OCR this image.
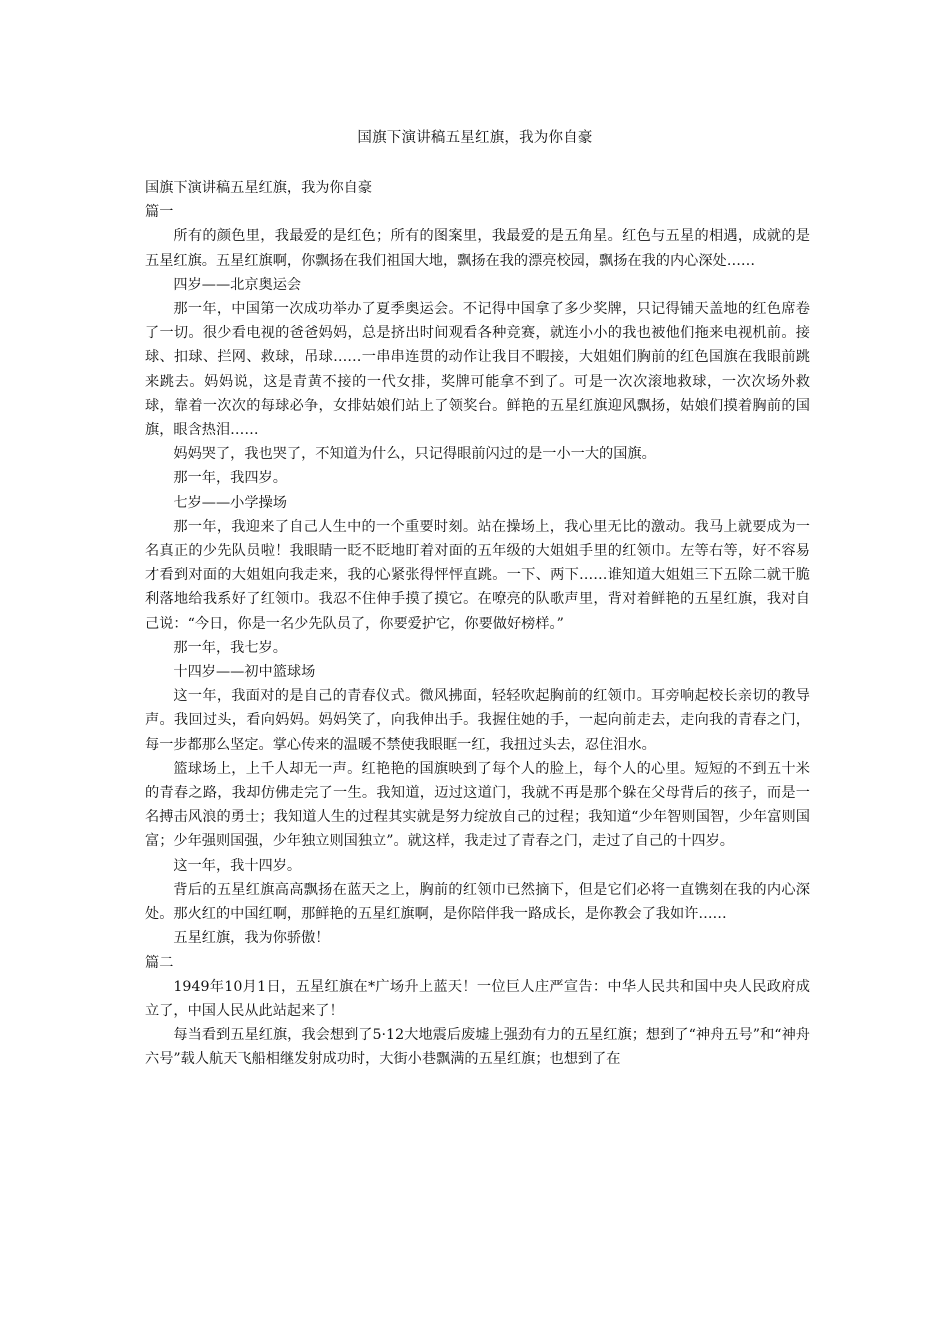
国旗下演讲稿五星红旗，我为你自豪

国旗下演讲稿五星红旗，我为你自豪

篇一

所有的颜色里，我最爱的是红色；所有的图案里，我最爱的是五角星。红色与五星的相遇，成就的是五星红旗。五星红旗啊，你飘扬在我们祖国大地，飘扬在我的漂亮校园，飘扬在我的内心深处……

四岁——北京奥运会

那一年，中国第一次成功举办了夏季奥运会。不记得中国拿了多少奖牌，只记得铺天盖地的红色席卷了一切。很少看电视的爸爸妈妈，总是挤出时间观看各种竞赛，就连小小的我也被他们拖来电视机前。接球、扣球、拦网、救球，吊球……一串串连贯的动作让我目不暇接，大姐姐们胸前的红色国旗在我眼前跳来跳去。妈妈说，这是青黄不接的一代女排，奖牌可能拿不到了。可是一次次滚地救球，一次次场外救球，靠着一次次的每球必争，女排姑娘们站上了领奖台。鲜艳的五星红旗迎风飘扬，姑娘们摸着胸前的国旗，眼含热泪……

妈妈哭了，我也哭了，不知道为什么，只记得眼前闪过的是一小一大的国旗。

那一年，我四岁。

七岁——小学操场

那一年，我迎来了自己人生中的一个重要时刻。站在操场上，我心里无比的激动。我马上就要成为一名真正的少先队员啦！我眼睛一眨不眨地盯着对面的五年级的大姐姐手里的红领巾。左等右等，好不容易才看到对面的大姐姐向我走来，我的心紧张得怦怦直跳。一下、两下……谁知道大姐姐三下五除二就干脆利落地给我系好了红领巾。我忍不住伸手摸了摸它。在嘹亮的队歌声里，背对着鲜艳的五星红旗，我对自己说：“今日，你是一名少先队员了，你要爱护它，你要做好榜样。”

那一年，我七岁。

十四岁——初中篮球场

这一年，我面对的是自己的青春仪式。微风拂面，轻轻吹起胸前的红领巾。耳旁响起校长亲切的教导声。我回过头，看向妈妈。妈妈笑了，向我伸出手。我握住她的手，一起向前走去，走向我的青春之门，每一步都那么坚定。掌心传来的温暖不禁使我眼眶一红，我扭过头去，忍住泪水。

篮球场上，上千人却无一声。红艳艳的国旗映到了每个人的脸上，每个人的心里。短短的不到五十米的青春之路，我却仿佛走完了一生。我知道，迈过这道门，我就不再是那个躲在父母背后的孩子，而是一名搏击风浪的勇士；我知道人生的过程其实就是努力绽放自己的过程；我知道“少年智则国智，少年富则国富；少年强则国强，少年独立则国独立”。就这样，我走过了青春之门，走过了自己的十四岁。

这一年，我十四岁。

背后的五星红旗高高飘扬在蓝天之上，胸前的红领巾已然摘下，但是它们必将一直镌刻在我的内心深处。那火红的中国红啊，那鲜艳的五星红旗啊，是你陪伴我一路成长，是你教会了我如许……

五星红旗，我为你骄傲！

篇二

1949年10月1日，五星红旗在*广场升上蓝天！一位巨人庄严宣告：中华人民共和国中央人民政府成立了，中国人民从此站起来了！

每当看到五星红旗，我会想到了5·12大地震后废墟上强劲有力的五星红旗；想到了“神舟五号”和“神舟六号”载人航天飞船相继发射成功时，大街小巷飘满的五星红旗；也想到了在
